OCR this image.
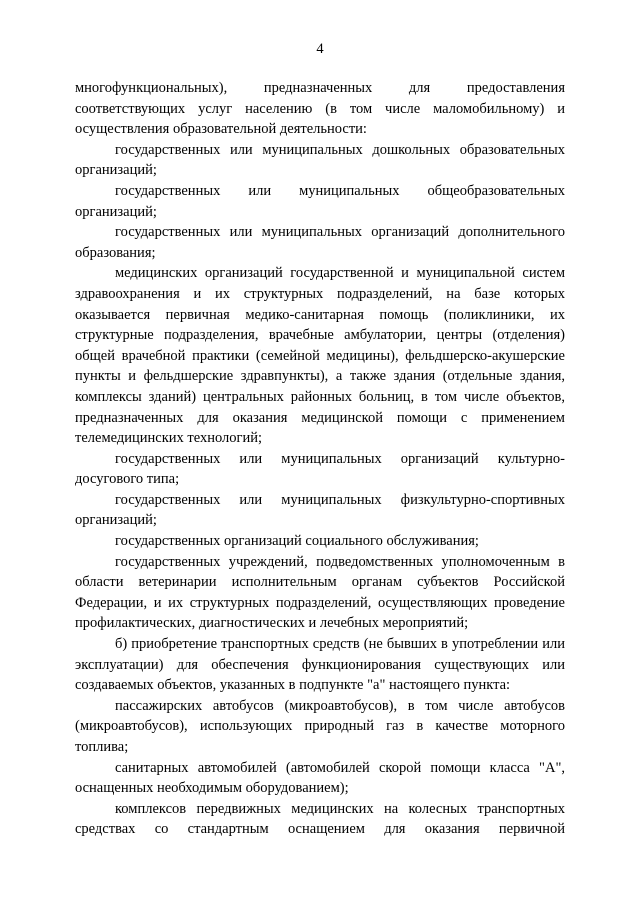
4

многофункциональных), предназначенных для предоставления соответствующих услуг населению (в том числе маломобильному) и осуществления образовательной деятельности:

государственных или муниципальных дошкольных образовательных организаций;

государственных или муниципальных общеобразовательных организаций;

государственных или муниципальных организаций дополнительного образования;

медицинских организаций государственной и муниципальной систем здравоохранения и их структурных подразделений, на базе которых оказывается первичная медико-санитарная помощь (поликлиники, их структурные подразделения, врачебные амбулатории, центры (отделения) общей врачебной практики (семейной медицины), фельдшерско-акушерские пункты и фельдшерские здравпункты), а также здания (отдельные здания, комплексы зданий) центральных районных больниц, в том числе объектов, предназначенных для оказания медицинской помощи с применением телемедицинских технологий;

государственных или муниципальных организаций культурно-досугового типа;

государственных или муниципальных физкультурно-спортивных организаций;

государственных организаций социального обслуживания;

государственных учреждений, подведомственных уполномоченным в области ветеринарии исполнительным органам субъектов Российской Федерации, и их структурных подразделений, осуществляющих проведение профилактических, диагностических и лечебных мероприятий;

б) приобретение транспортных средств (не бывших в употреблении или эксплуатации) для обеспечения функционирования существующих или создаваемых объектов, указанных в подпункте "а" настоящего пункта:

пассажирских автобусов (микроавтобусов), в том числе автобусов (микроавтобусов), использующих природный газ в качестве моторного топлива;

санитарных автомобилей (автомобилей скорой помощи класса "А", оснащенных необходимым оборудованием);

комплексов передвижных медицинских на колесных транспортных средствах со стандартным оснащением для оказания первичной
